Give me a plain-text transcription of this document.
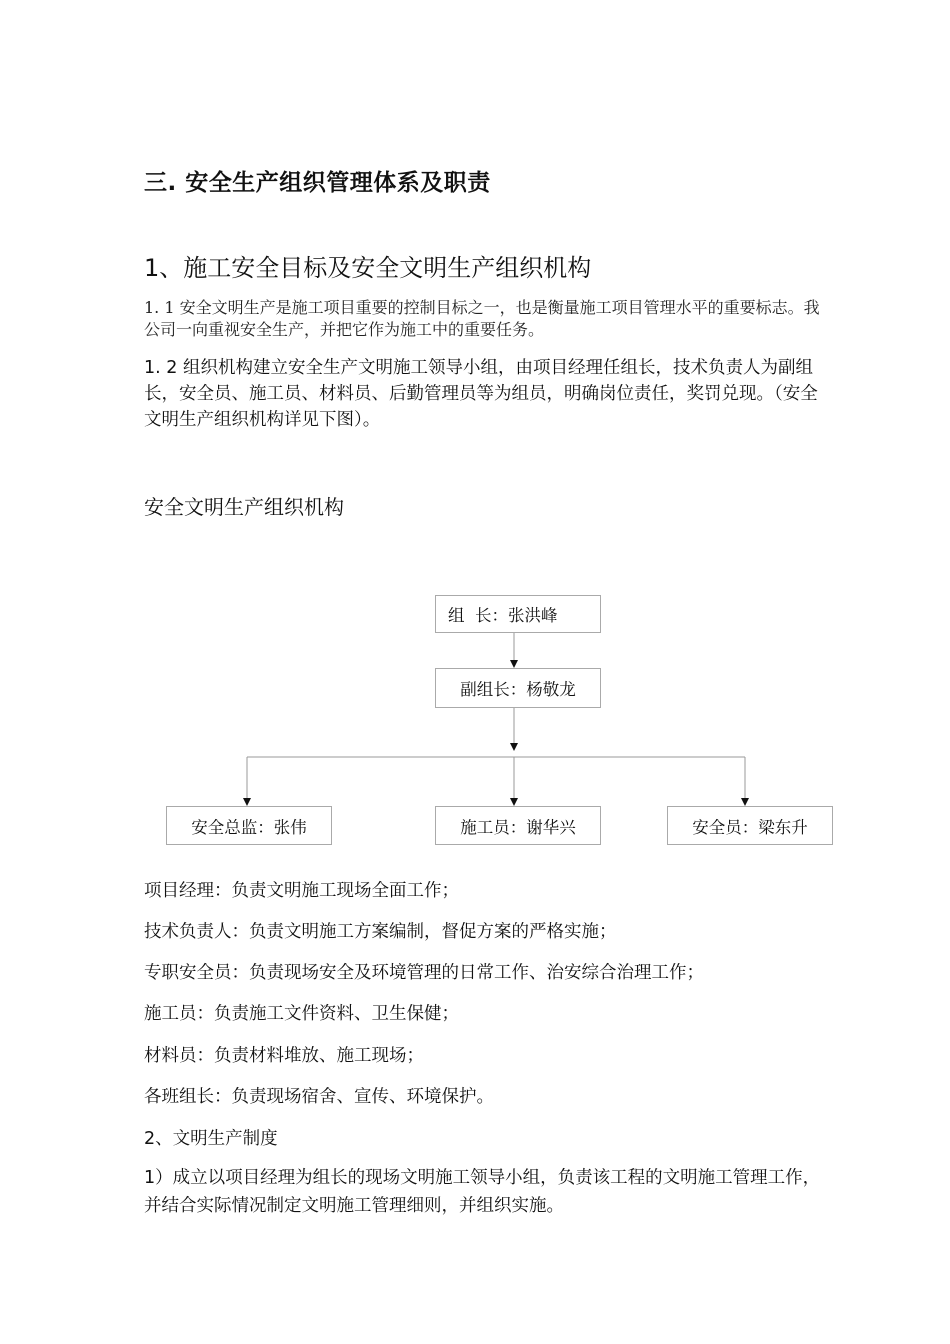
三. 安全生产组织管理体系及职责
1、施工安全目标及安全文明生产组织机构
1. 1 安全文明生产是施工项目重要的控制目标之一，也是衡量施工项目管理水平的重要标志。我公司一向重视安全生产，并把它作为施工中的重要任务。
1. 2 组织机构建立安全生产文明施工领导小组，由项目经理任组长，技术负责人为副组长，安全员、施工员、材料员、后勤管理员等为组员，明确岗位责任，奖罚兑现。（安全文明生产组织机构详见下图）。
安全文明生产组织机构
组  长：张洪峰
副组长：杨敬龙
安全总监：张伟	施工员：谢华兴	安全员：梁东升
项目经理：负责文明施工现场全面工作；
技术负责人：负责文明施工方案编制，督促方案的严格实施；
专职安全员：负责现场安全及环境管理的日常工作、治安综合治理工作；
施工员：负责施工文件资料、卫生保健；
材料员：负责材料堆放、施工现场；
各班组长：负责现场宿舍、宣传、环境保护。
2、文明生产制度
1）成立以项目经理为组长的现场文明施工领导小组，负责该工程的文明施工管理工作，并结合实际情况制定文明施工管理细则，并组织实施。
